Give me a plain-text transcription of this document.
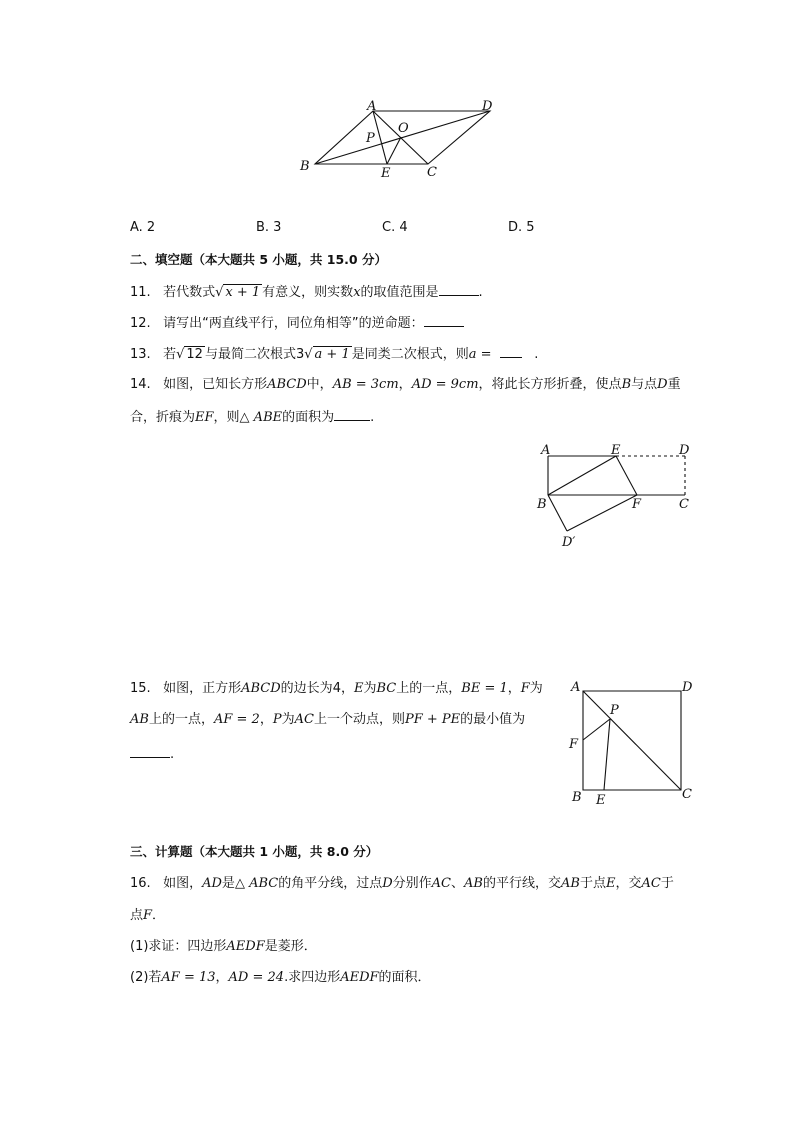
A	D
B	E	C
P
O
A. 2	B. 3	C. 4	D. 5
二、填空题（本大题共 5 小题，共 15.0 分）
11. 若代数式√ x + 1 有意义，则实数x的取值范围是	.
12. 请写出“两直线平行，同位角相等”的逆命题：
13. 若√ 12 与最简二次根式3√ a + 1 是同类二次根式，则a =	.
14. 如图，已知长方形ABCD中，AB = 3cm，AD = 9cm，将此长方形折叠，使点B与点D重
合，折痕为EF，则△ ABE的面积为	.
A	E	D
B	F	C
D′
15. 如图，正方形ABCD的边长为4，E为BC上的一点，BE = 1，F为
AB上的一点，AF = 2，P为AC上一个动点，则PF + PE的最小值为
.
A	D
P
F
B E	C
三、计算题（本大题共 1 小题，共 8.0 分）
16. 如图，AD是△ ABC的角平分线，过点D分别作AC、AB的平行线，交AB于点E，交AC于
点F．
(1)求证：四边形AEDF是菱形．
(2)若AF = 13，AD = 24.求四边形AEDF的面积．
